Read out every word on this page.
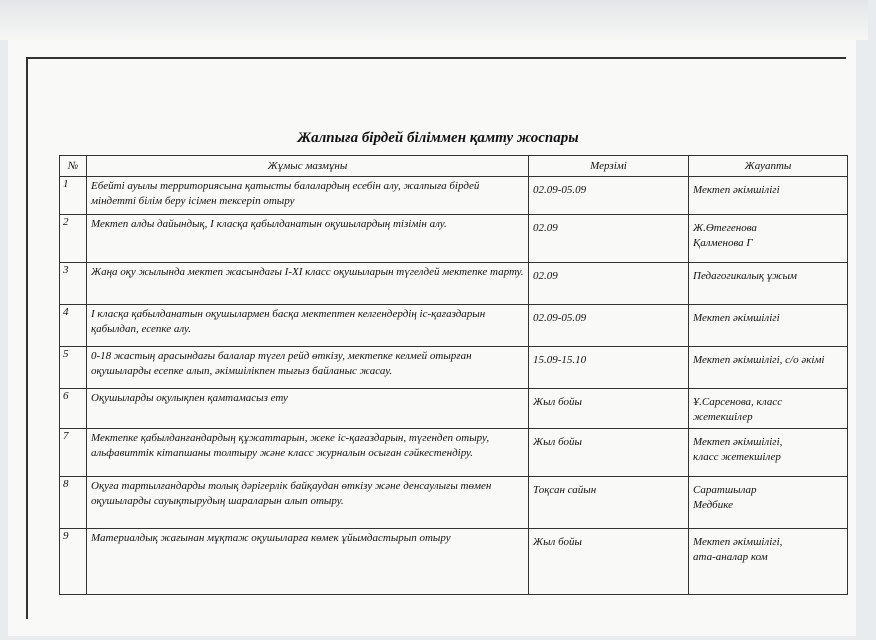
Жалпыға бірдей біліммен қамту жоспары
№	Жұмыс мазмұны	Мерзімі	Жауапты
1	Ебейті ауылы территориясына қатысты балалардың есебін алу, жалпыға бірдей міндетті білім беру ісімен тексеріп отыру	02.09-05.09	Мектеп әкімшілігі
2	Мектеп алды дайындық, І класқа қабылданатын оқушылардың тізімін алу.	02.09	Ж.Өтегенова
Қалменова Г
3	Жаңа оқу жылында мектеп жасындағы І-ХІ класс оқушыларын түгелдей мектепке тарту.	02.09	Педагогикалық ұжым
4	І класқа қабылданатын оқушылармен басқа мектептен келгендердің іс-қағаздарын қабылдап, есепке алу.	02.09-05.09	Мектеп әкімшілігі
5	0-18 жастың арасындағы балалар түгел рейд өткізу, мектепке келмей отырған оқушыларды есепке алып, әкімшілікпен тығыз байланыс жасау.	15.09-15.10	Мектеп әкімшілігі, с/о әкімі
6	Оқушыларды оқулықпен қамтамасыз ету	Жыл бойы	Ұ.Сарсенова, класс жетекшілер
7	Мектепке қабылданғандардың құжаттарын, жеке іс-қағаздарын, түгендеп отыру, альфавиттік кітапшаны толтыру және класс журналын осыған сәйкестендіру.	Жыл бойы	Мектеп әкімшілігі,
класс жетекшілер
8	Оқуға тартылғандарды толық дәрігерлік байқаудан өткізу және денсаулығы төмен оқушыларды сауықтырудың шараларын алып отыру.	Тоқсан сайын	Саратшылар
Медбике
9	Материалдық жағынан мұқтаж оқушыларға көмек ұйымдастырып отыру	Жыл бойы	Мектеп әкімшілігі,
ата-аналар ком
